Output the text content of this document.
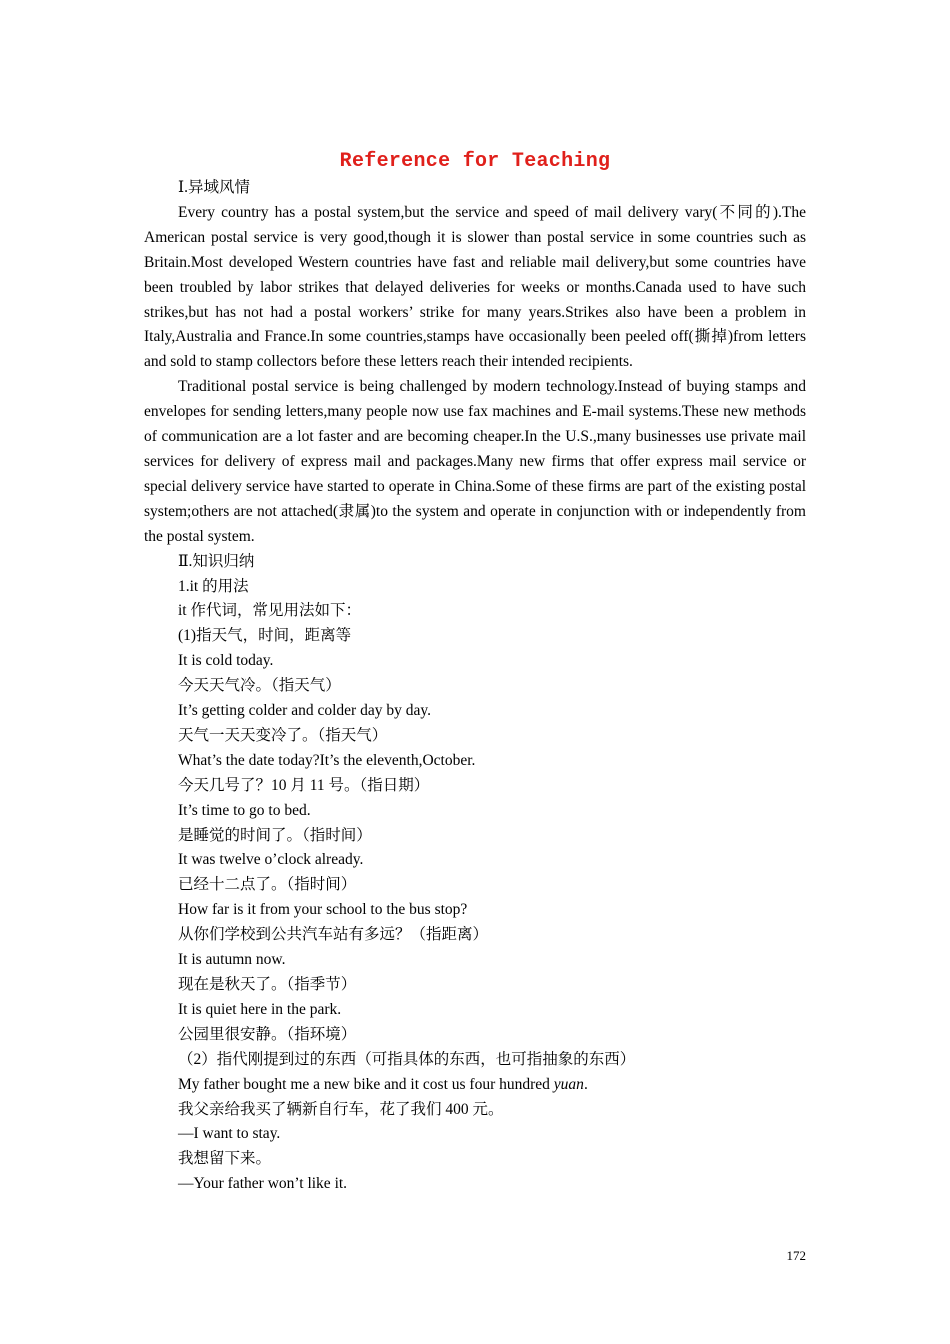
Reference for Teaching
Ⅰ.异域风情

Every country has a postal system,but the service and speed of mail delivery vary(不同的).The American postal service is very good,though it is slower than postal service in some countries such as Britain.Most developed Western countries have fast and reliable mail delivery,but some countries have been troubled by labor strikes that delayed deliveries for weeks or months.Canada used to have such strikes,but has not had a postal workers’ strike for many years.Strikes also have been a problem in Italy,Australia and France.In some countries,stamps have occasionally been peeled off(撕掉)from letters and sold to stamp collectors before these letters reach their intended recipients.

Traditional postal service is being challenged by modern technology.Instead of buying stamps and envelopes for sending letters,many people now use fax machines and E-mail systems.These new methods of communication are a lot faster and are becoming cheaper.In the U.S.,many businesses use private mail services for delivery of express mail and packages.Many new firms that offer express mail service or special delivery service have started to operate in China.Some of these firms are part of the existing postal system;others are not attached(隶属)to the system and operate in conjunction with or independently from the postal system.

Ⅱ.知识归纳
1.it 的用法
it 作代词，常见用法如下：
(1)指天气，时间，距离等
It is cold today.
今天天气冷。（指天气）
It’s getting colder and colder day by day.
天气一天天变冷了。（指天气）
What’s the date today?It’s the eleventh,October.
今天几号了？10 月 11 号。（指日期）
It’s time to go to bed.
是睡觉的时间了。（指时间）
It was twelve o’clock already.
已经十二点了。（指时间）
How far is it from your school to the bus stop?
从你们学校到公共汽车站有多远？（指距离）
It is autumn now.
现在是秋天了。（指季节）
It is quiet here in the park.
公园里很安静。（指环境）
（2）指代刚提到过的东西（可指具体的东西，也可指抽象的东西）
My father bought me a new bike and it cost us four hundred yuan.
我父亲给我买了辆新自行车，花了我们 400 元。
—I want to stay.
我想留下来。
—Your father won’t like it.
172
